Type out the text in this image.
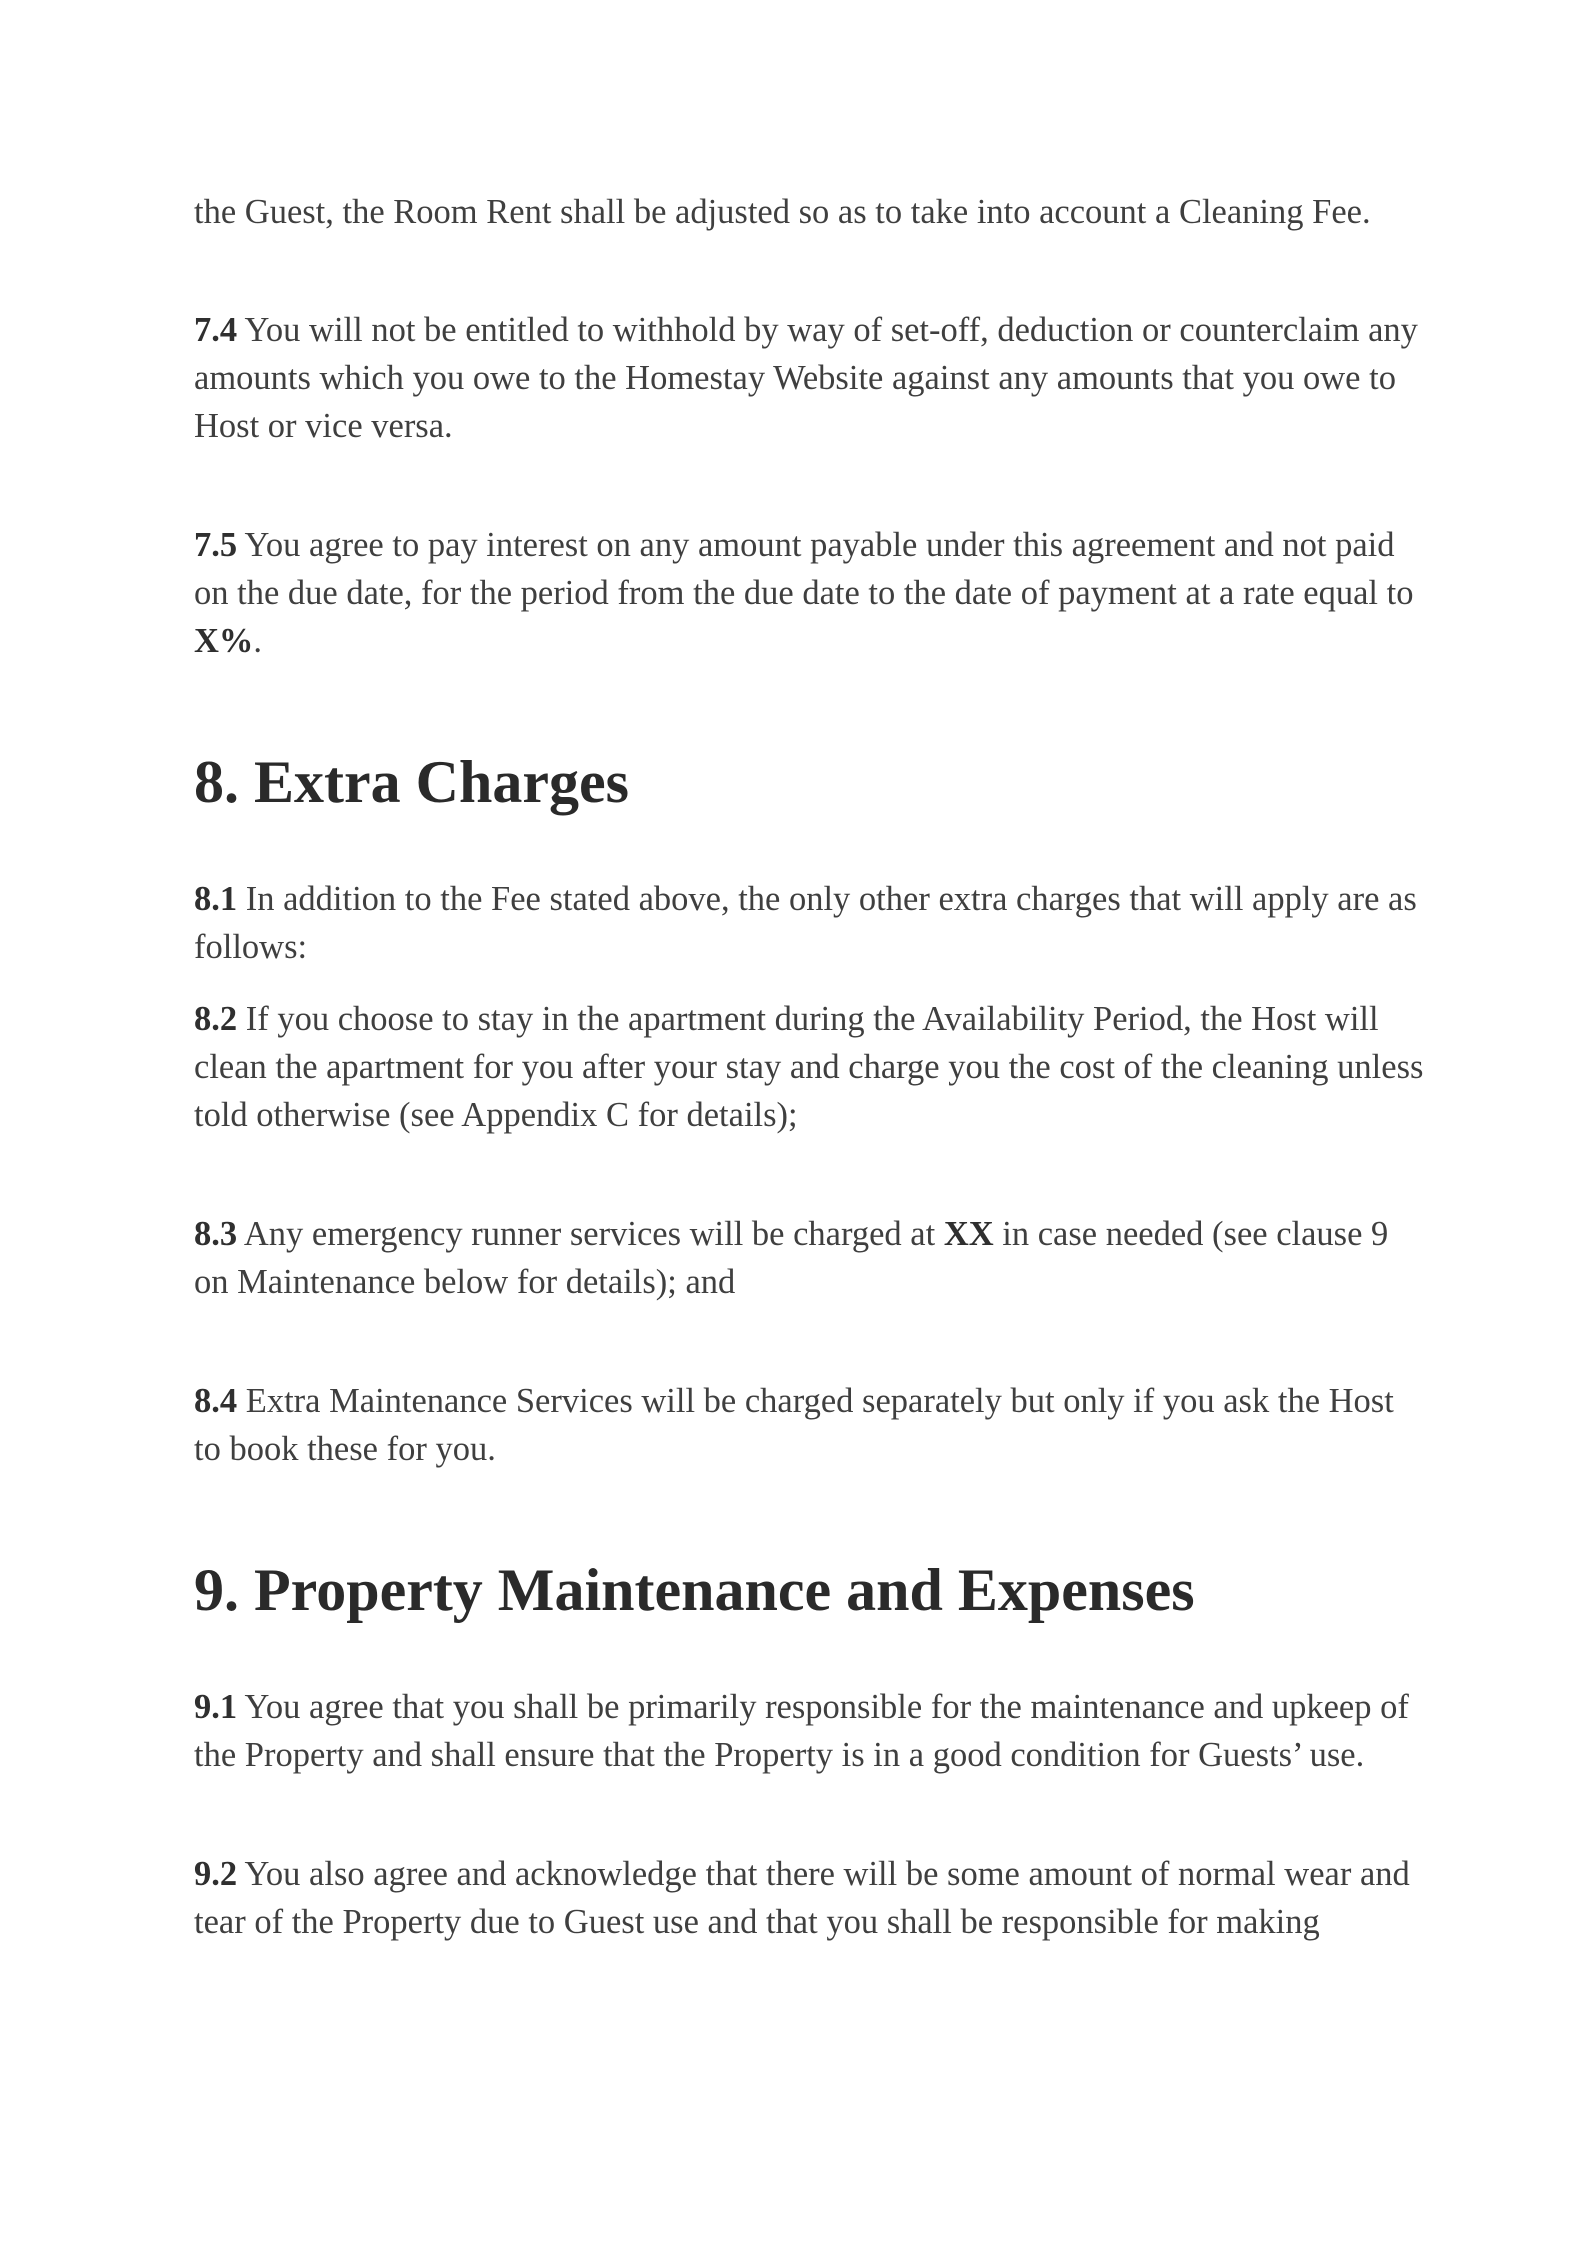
the Guest, the Room Rent shall be adjusted so as to take into account a Cleaning Fee.

7.4 You will not be entitled to withhold by way of set-off, deduction or counterclaim any amounts which you owe to the Homestay Website against any amounts that you owe to Host or vice versa.

7.5 You agree to pay interest on any amount payable under this agreement and not paid on the due date, for the period from the due date to the date of payment at a rate equal to X%.

8. Extra Charges

8.1 In addition to the Fee stated above, the only other extra charges that will apply are as follows:

8.2 If you choose to stay in the apartment during the Availability Period, the Host will clean the apartment for you after your stay and charge you the cost of the cleaning unless told otherwise (see Appendix C for details);

8.3 Any emergency runner services will be charged at XX in case needed (see clause 9 on Maintenance below for details); and

8.4 Extra Maintenance Services will be charged separately but only if you ask the Host to book these for you.

9. Property Maintenance and Expenses

9.1 You agree that you shall be primarily responsible for the maintenance and upkeep of the Property and shall ensure that the Property is in a good condition for Guests’ use.

9.2 You also agree and acknowledge that there will be some amount of normal wear and tear of the Property due to Guest use and that you shall be responsible for making
